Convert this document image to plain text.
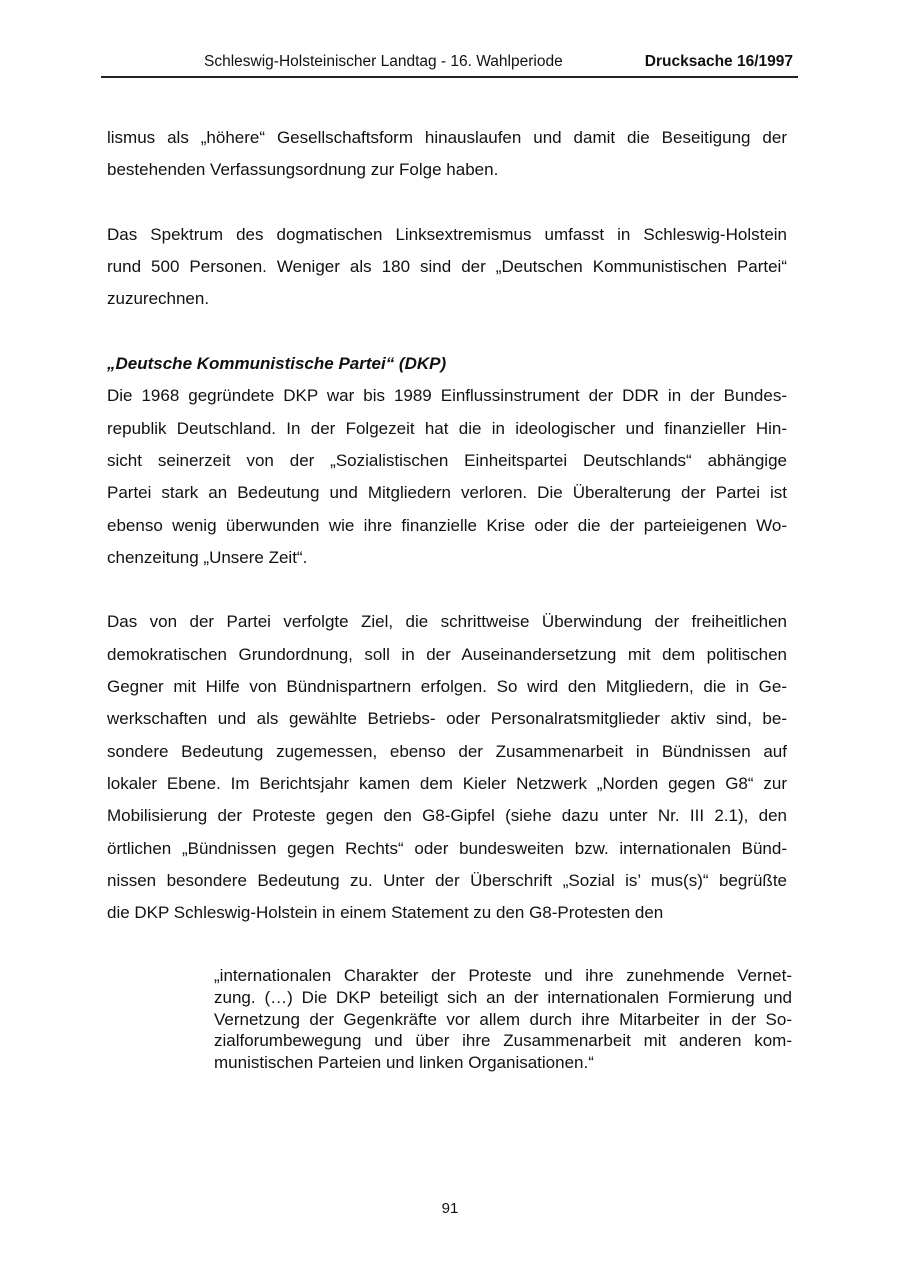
Schleswig-Holsteinischer Landtag - 16. Wahlperiode	Drucksache 16/1997
lismus als „höhere“ Gesellschaftsform hinauslaufen und damit die Beseitigung der
bestehenden Verfassungsordnung zur Folge haben.

Das Spektrum des dogmatischen Linksextremismus umfasst in Schleswig-Holstein
rund 500 Personen. Weniger als 180 sind der „Deutschen Kommunistischen Partei“
zuzurechnen.

„Deutsche Kommunistische Partei“ (DKP)
Die 1968 gegründete DKP war bis 1989 Einflussinstrument der DDR in der Bundes-
republik Deutschland. In der Folgezeit hat die in ideologischer und finanzieller Hin-
sicht seinerzeit von der „Sozialistischen Einheitspartei Deutschlands“ abhängige
Partei stark an Bedeutung und Mitgliedern verloren. Die Überalterung der Partei ist
ebenso wenig überwunden wie ihre finanzielle Krise oder die der parteieigenen Wo-
chenzeitung „Unsere Zeit“.

Das von der Partei verfolgte Ziel, die schrittweise Überwindung der freiheitlichen
demokratischen Grundordnung, soll in der Auseinandersetzung mit dem politischen
Gegner mit Hilfe von Bündnispartnern erfolgen. So wird den Mitgliedern, die in Ge-
werkschaften und als gewählte Betriebs- oder Personalratsmitglieder aktiv sind, be-
sondere Bedeutung zugemessen, ebenso der Zusammenarbeit in Bündnissen auf
lokaler Ebene. Im Berichtsjahr kamen dem Kieler Netzwerk „Norden gegen G8“ zur
Mobilisierung der Proteste gegen den G8-Gipfel (siehe dazu unter Nr. III 2.1), den
örtlichen „Bündnissen gegen Rechts“ oder bundesweiten bzw. internationalen Bünd-
nissen besondere Bedeutung zu. Unter der Überschrift „Sozial is’ mus(s)“ begrüßte
die DKP Schleswig-Holstein in einem Statement zu den G8-Protesten den
„internationalen Charakter der Proteste und ihre zunehmende Vernet-
zung. (…) Die DKP beteiligt sich an der internationalen Formierung und
Vernetzung der Gegenkräfte vor allem durch ihre Mitarbeiter in der So-
zialforumbewegung und über ihre Zusammenarbeit mit anderen kom-
munistischen Parteien und linken Organisationen.“
91
